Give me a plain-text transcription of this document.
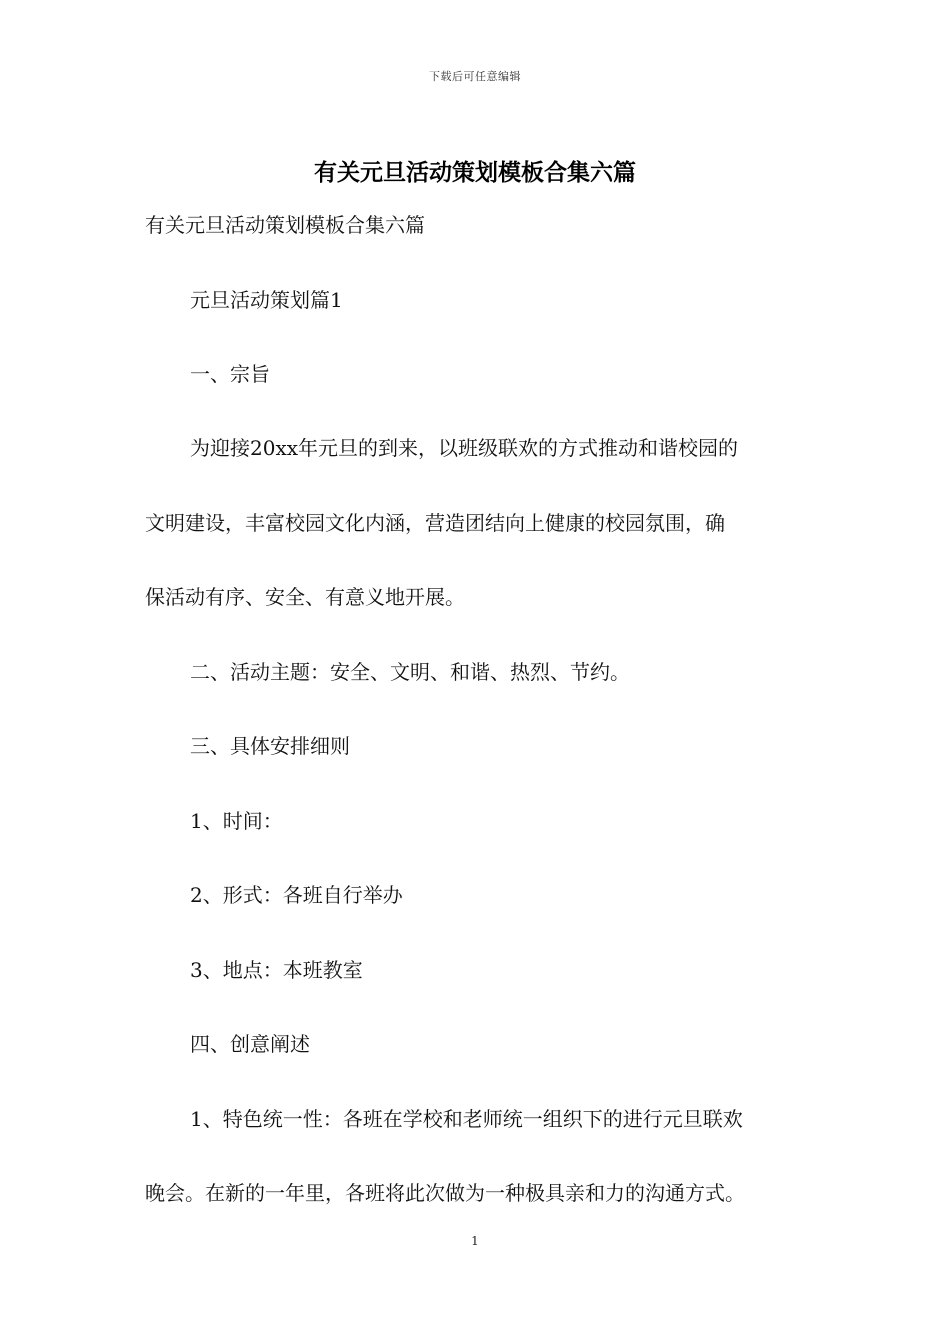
下载后可任意编辑
有关元旦活动策划模板合集六篇

有关元旦活动策划模板合集六篇

元旦活动策划篇1

一、宗旨

为迎接20xx年元旦的到来，以班级联欢的方式推动和谐校园的

文明建设，丰富校园文化内涵，营造团结向上健康的校园氛围，确

保活动有序、安全、有意义地开展。

二、活动主题：安全、文明、和谐、热烈、节约。

三、具体安排细则

1、时间：

2、形式：各班自行举办

3、地点：本班教室

四、创意阐述

1、特色统一性：各班在学校和老师统一组织下的进行元旦联欢

晚会。在新的一年里，各班将此次做为一种极具亲和力的沟通方式。

1
